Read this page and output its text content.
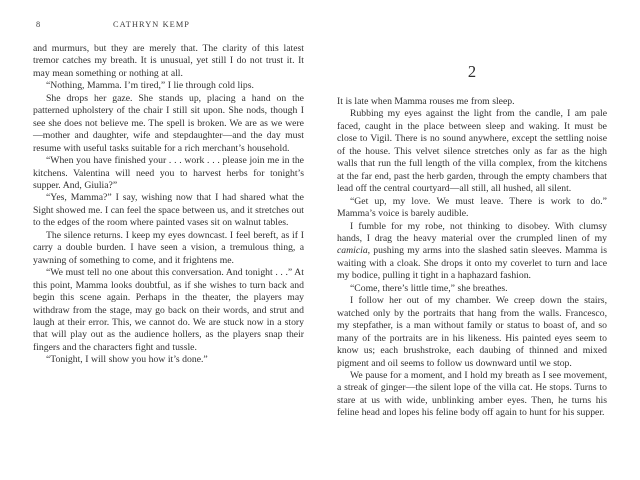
8	CATHRYN KEMP

and murmurs, but they are merely that. The clarity of this latest tremor catches my breath. It is unusual, yet still I do not trust it. It may mean something or nothing at all.

“Nothing, Mamma. I’m tired,” I lie through cold lips.

She drops her gaze. She stands up, placing a hand on the patterned upholstery of the chair I still sit upon. She nods, though I see she does not believe me. The spell is broken. We are as we were—mother and daughter, wife and stepdaughter—and the day must resume with useful tasks suitable for a rich merchant’s household.

“When you have finished your . . . work . . . please join me in the kitchens. Valentina will need you to harvest herbs for tonight’s supper. And, Giulia?”

“Yes, Mamma?” I say, wishing now that I had shared what the Sight showed me. I can feel the space between us, and it stretches out to the edges of the room where painted vases sit on walnut tables.

The silence returns. I keep my eyes downcast. I feel bereft, as if I carry a double burden. I have seen a vision, a tremulous thing, a yawning of something to come, and it frightens me.

“We must tell no one about this conversation. And tonight . . .” At this point, Mamma looks doubtful, as if she wishes to turn back and begin this scene again. Perhaps in the theater, the players may withdraw from the stage, may go back on their words, and strut and laugh at their error. This, we cannot do. We are stuck now in a story that will play out as the audience hollers, as the players snap their fingers and the characters fight and tussle.

“Tonight, I will show you how it’s done.”

2

It is late when Mamma rouses me from sleep.

Rubbing my eyes against the light from the candle, I am pale faced, caught in the place between sleep and waking. It must be close to Vigil. There is no sound anywhere, except the settling noise of the house. This velvet silence stretches only as far as the high walls that run the full length of the villa complex, from the kitchens at the far end, past the herb garden, through the empty chambers that lead off the central courtyard—all still, all hushed, all silent.

“Get up, my love. We must leave. There is work to do.” Mamma’s voice is barely audible.

I fumble for my robe, not thinking to disobey. With clumsy hands, I drag the heavy material over the crumpled linen of my camicia, pushing my arms into the slashed satin sleeves. Mamma is waiting with a cloak. She drops it onto my coverlet to turn and lace my bodice, pulling it tight in a haphazard fashion.

“Come, there’s little time,” she breathes.

I follow her out of my chamber. We creep down the stairs, watched only by the portraits that hang from the walls. Francesco, my stepfather, is a man without family or status to boast of, and so many of the portraits are in his likeness. His painted eyes seem to know us; each brushstroke, each daubing of thinned and mixed pigment and oil seems to follow us downward until we stop.

We pause for a moment, and I hold my breath as I see movement, a streak of ginger—the silent lope of the villa cat. He stops. Turns to stare at us with wide, unblinking amber eyes. Then, he turns his feline head and lopes his feline body off again to hunt for his supper.
